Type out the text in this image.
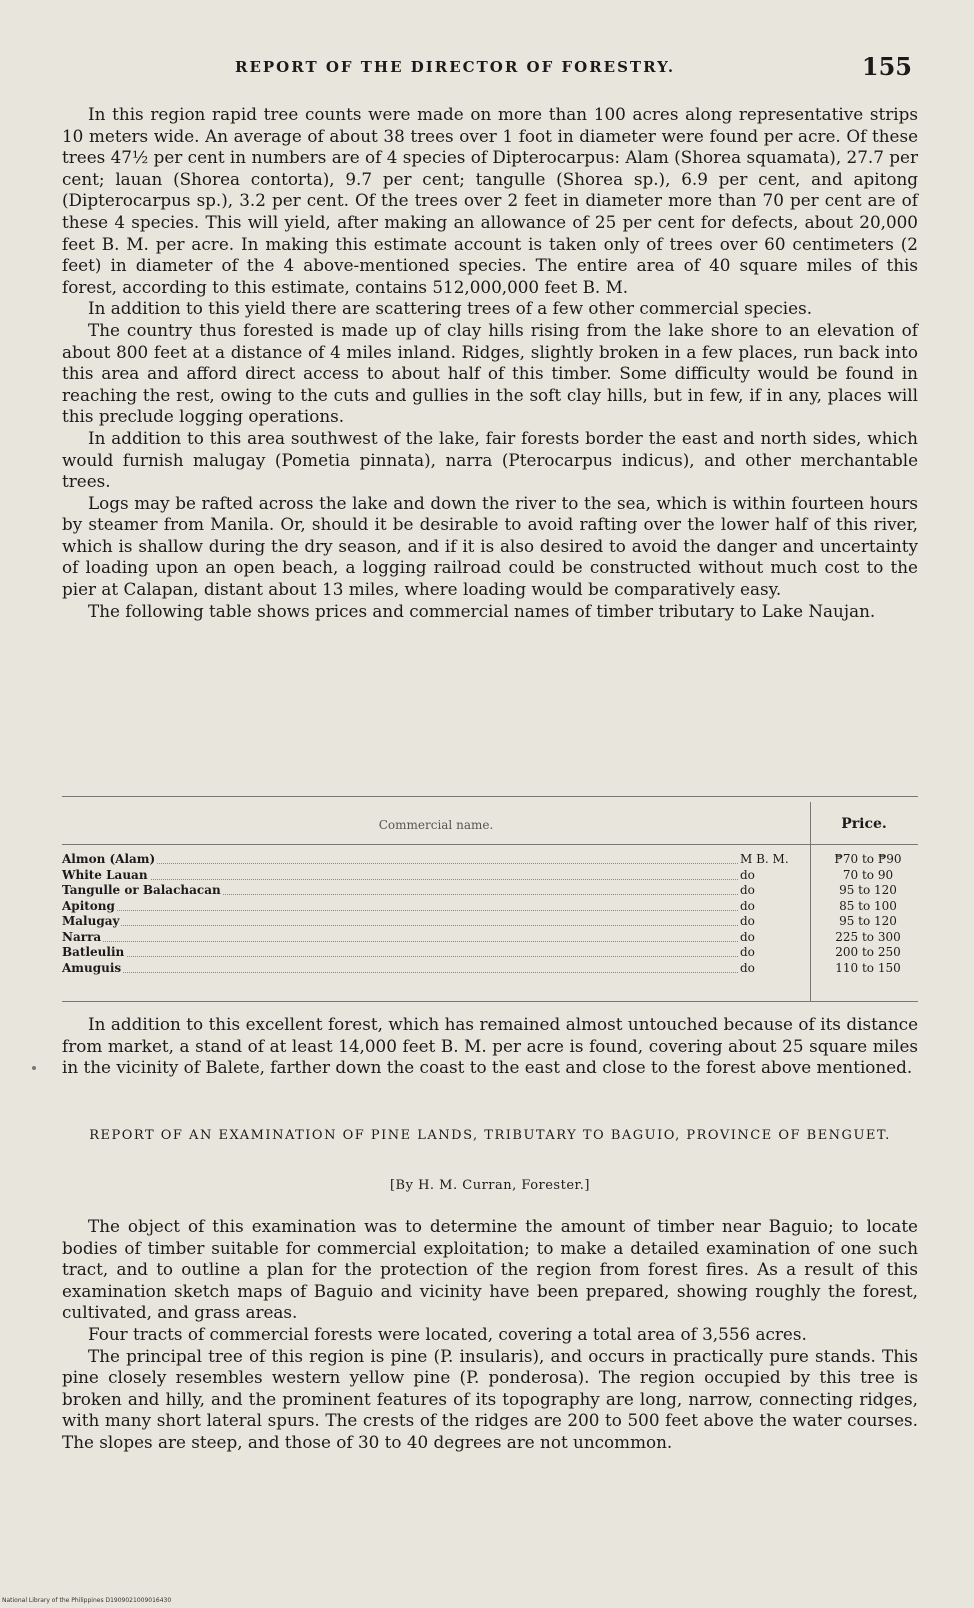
REPORT OF THE DIRECTOR OF FORESTRY.	155

In this region rapid tree counts were made on more than 100 acres along representative strips 10 meters wide. An average of about 38 trees over 1 foot in diameter were found per acre. Of these trees 47½ per cent in numbers are of 4 species of Dipterocarpus: Alam (Shorea squamata), 27.7 per cent; lauan (Shorea contorta), 9.7 per cent; tangulle (Shorea sp.), 6.9 per cent, and apitong (Dipterocarpus sp.), 3.2 per cent. Of the trees over 2 feet in diameter more than 70 per cent are of these 4 species. This will yield, after making an allowance of 25 per cent for defects, about 20,000 feet B. M. per acre. In making this estimate account is taken only of trees over 60 centimeters (2 feet) in diameter of the 4 above-mentioned species. The entire area of 40 square miles of this forest, according to this estimate, contains 512,000,000 feet B. M.

In addition to this yield there are scattering trees of a few other commercial species.

The country thus forested is made up of clay hills rising from the lake shore to an elevation of about 800 feet at a distance of 4 miles inland. Ridges, slightly broken in a few places, run back into this area and afford direct access to about half of this timber. Some difficulty would be found in reaching the rest, owing to the cuts and gullies in the soft clay hills, but in few, if in any, places will this preclude logging operations.

In addition to this area southwest of the lake, fair forests border the east and north sides, which would furnish malugay (Pometia pinnata), narra (Pterocarpus indicus), and other merchantable trees.

Logs may be rafted across the lake and down the river to the sea, which is within fourteen hours by steamer from Manila. Or, should it be desirable to avoid rafting over the lower half of this river, which is shallow during the dry season, and if it is also desired to avoid the danger and uncertainty of loading upon an open beach, a logging railroad could be constructed without much cost to the pier at Calapan, distant about 13 miles, where loading would be comparatively easy.

The following table shows prices and commercial names of timber tributary to Lake Naujan.

Commercial name.	Price.
Almon (Alam)	M B. M.	₱70 to ₱90
White Lauan	do	70 to 90
Tangulle or Balachacan	do	95 to 120
Apitong	do	85 to 100
Malugay	do	95 to 120
Narra	do	225 to 300
Batleulin	do	200 to 250
Amuguis	do	110 to 150

In addition to this excellent forest, which has remained almost untouched because of its distance from market, a stand of at least 14,000 feet B. M. per acre is found, covering about 25 square miles in the vicinity of Balete, farther down the coast to the east and close to the forest above mentioned.

REPORT OF AN EXAMINATION OF PINE LANDS, TRIBUTARY TO BAGUIO, PROVINCE OF BENGUET.
[By H. M. Curran, Forester.]

The object of this examination was to determine the amount of timber near Baguio; to locate bodies of timber suitable for commercial exploitation; to make a detailed examination of one such tract, and to outline a plan for the protection of the region from forest fires. As a result of this examination sketch maps of Baguio and vicinity have been prepared, showing roughly the forest, cultivated, and grass areas.

Four tracts of commercial forests were located, covering a total area of 3,556 acres.

The principal tree of this region is pine (P. insularis), and occurs in practically pure stands. This pine closely resembles western yellow pine (P. ponderosa). The region occupied by this tree is broken and hilly, and the prominent features of its topography are long, narrow, connecting ridges, with many short lateral spurs. The crests of the ridges are 200 to 500 feet above the water courses. The slopes are steep, and those of 30 to 40 degrees are not uncommon.

National Library of the Philippines D1909021009016430
